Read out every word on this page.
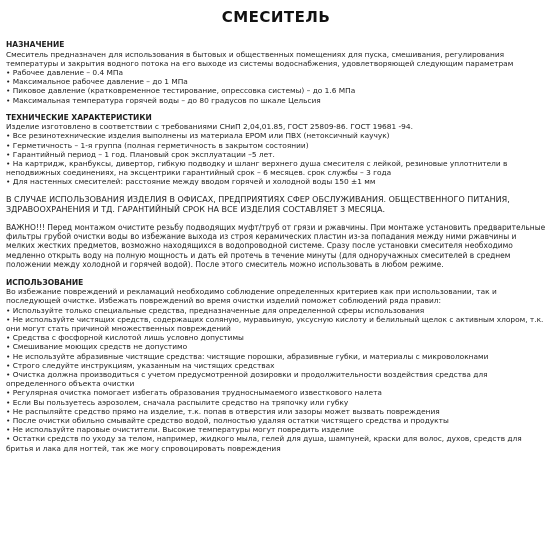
СМЕСИТЕЛЬ
НАЗНАЧЕНИЕ

Смеситель предназначен для использования в бытовых и общественных помещениях для пуска, смешивания, регулирования температуры и закрытия водного потока на его выходе из системы водоснабжения, удовлетворяющей следующим параметрам

• Рабочее давление – 0.4 MПа
• Максимальное рабочее давление – до 1 MПа
• Пиковое давление (кратковременное тестирование, опрессовка системы) – до 1.6 MПа
• Максимальная температура горячей воды – до 80 градусов по шкале Цельсия
ТЕХНИЧЕСКИЕ ХАРАКТЕРИСТИКИ

Изделие изготовлено в соответствии с требованиями СНиП 2,04,01.85, ГОСТ 25809-86. ГОСТ 19681 -94.

• Все резинотехнические изделия выполнены из материала EPOM или ПВХ (нетоксичный каучук)
• Герметичность – 1-я группа (полная герметичность в закрытом состоянии)
• Гарантийный период – 1 год. Плановый срок эксплуатации –5 лет.
• На картридж, кранбуксы, дивертор, гибкую подводку и шланг верхнего душа смесителя с лейкой, резиновые уплотнители в неподвижных соединениях, на эксцентрики гарантийный срок – 6 месяцев. срок службы – 3 года
• Для настенных смесителей: расстояние между вводом горячей и холодной воды 150 ±1 мм

В СЛУЧАЕ ИСПОЛЬЗОВАНИЯ ИЗДЕЛИЯ В ОФИСАХ, ПРЕДПРИЯТИЯХ СФЕР ОБСЛУЖИВАНИЯ. ОБЩЕСТВЕННОГО ПИТАНИЯ, ЗДРАВООХРАНЕНИЯ И ТД. ГАРАНТИЙНЫЙ СРОК НА ВСЕ ИЗДЕЛИЯ СОСТАВЛЯЕТ 3 МЕСЯЦА.

ВАЖНО!!! Перед монтажом очистите резьбу подводящих муфт/труб от грязи и ржавчины. При монтаже установить предварительные фильтры грубой очистки воды во избежание выхода из строя керамических пластин из-за попадания между ними ржавчины и мелких жестких предметов, возможно находящихся в водопроводной системе. Сразу после установки смесителя необходимо медленно открыть воду на полную мощность и дать ей протечь в течение минуты (для одноручажных смесителей в среднем положении между холодной и горячей водой). После этого смеситель можно использовать в любом режиме.

ИСПОЛЬЗОВАНИЕ

Во избежание повреждений и рекламаций необходимо соблюдение определенных критериев как при использовании, так и последующей очистке. Избежать повреждений во время очистки изделий поможет соблюдений ряда правил:

• Используйте только специальные средства, предназначенные для определенной сферы использования
• Не используйте чистящих средств, содержащих соляную, муравьиную, уксусную кислоту и белильный щелок с активным хлором, т.к. они могут стать причиной множественных повреждений
• Средства с фосфорной кислотой лишь условно допустимы
• Смешивание моющих средств не допустимо
• Не используйте абразивные чистящие средства: чистящие порошки, абразивные губки, и материалы с микроволокнами
• Строго следуйте инструкциям, указанным на чистящих средствах
• Очистка должна производиться с учетом предусмотренной дозировки и продолжительности воздействия средства для определенного объекта очистки
• Регулярная очистка помогает избегать образования трудноснымаемого известкового налета
• Если Вы пользуетесь аэрозолем, сначала распылите средство на тряпочку или губку
• Не распыляйте средство прямо на изделие, т.к. попав в отверстия или зазоры может вызвать повреждения
• После очистки обильно смывайте средство водой, полностью удаляя остатки чистящего средства и продукты
• Не используйте паровые очистители. Высокие температуры могут повредить изделие
• Остатки средств по уходу за телом, например, жидкого мыла, гелей для душа, шампуней, краски для волос, духов, средств для бритья и лака для ногтей, так же могу спровоцировать повреждения
